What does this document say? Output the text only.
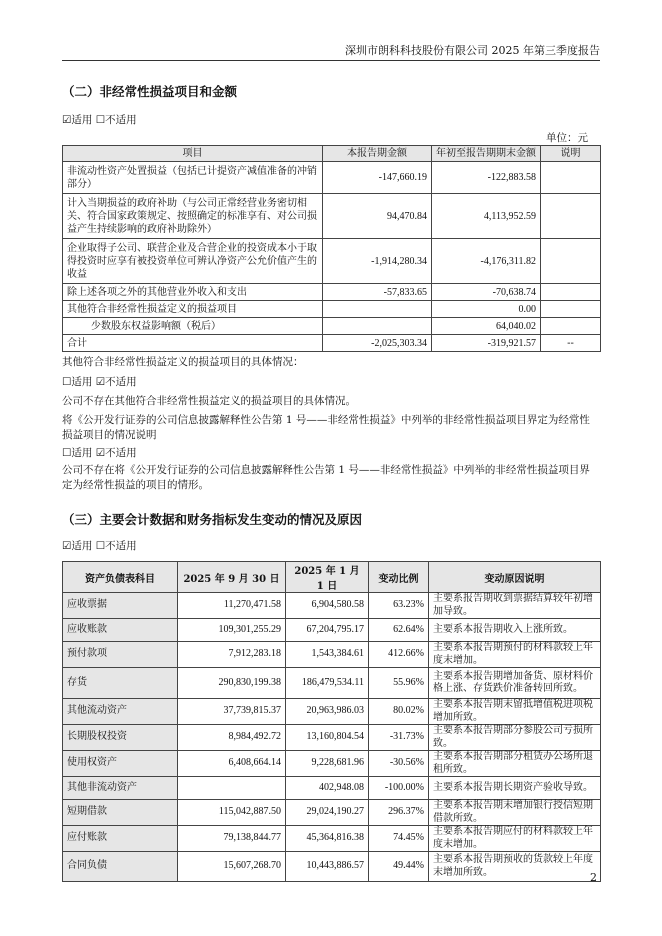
深圳市朗科科技股份有限公司 2025 年第三季度报告
（二）非经常性损益项目和金额
☑适用 ☐不适用
单位：元
项目	本报告期金额	年初至报告期期末金额	说明
非流动性资产处置损益（包括已计提资产减值准备的冲销部分）	-147,660.19	-122,883.58	
计入当期损益的政府补助（与公司正常经营业务密切相关、符合国家政策规定、按照确定的标准享有、对公司损益产生持续影响的政府补助除外）	94,470.84	4,113,952.59	
企业取得子公司、联营企业及合营企业的投资成本小于取得投资时应享有被投资单位可辨认净资产公允价值产生的收益	-1,914,280.34	-4,176,311.82	
除上述各项之外的其他营业外收入和支出	-57,833.65	-70,638.74	
其他符合非经常性损益定义的损益项目		0.00	
少数股东权益影响额（税后）		64,040.02	
合计	-2,025,303.34	-319,921.57	--
其他符合非经常性损益定义的损益项目的具体情况：
☐适用 ☑不适用
公司不存在其他符合非经常性损益定义的损益项目的具体情况。
将《公开发行证券的公司信息披露解释性公告第 1 号——非经常性损益》中列举的非经常性损益项目界定为经常性损益项目的情况说明
☐适用 ☑不适用
公司不存在将《公开发行证券的公司信息披露解释性公告第 1 号——非经常性损益》中列举的非经常性损益项目界定为经常性损益的项目的情形。
（三）主要会计数据和财务指标发生变动的情况及原因
☑适用 ☐不适用
资产负债表科目	2025 年 9 月 30 日	2025 年 1 月 1 日	变动比例	变动原因说明
应收票据	11,270,471.58	6,904,580.58	63.23%	主要系报告期收到票据结算较年初增加导致。
应收账款	109,301,255.29	67,204,795.17	62.64%	主要系本报告期收入上涨所致。
预付款项	7,912,283.18	1,543,384.61	412.66%	主要系本报告期预付的材料款较上年度末增加。
存货	290,830,199.38	186,479,534.11	55.96%	主要系本报告期增加备货、原材料价格上涨、存货跌价准备转回所致。
其他流动资产	37,739,815.37	20,963,986.03	80.02%	主要系本报告期末留抵增值税进项税增加所致。
长期股权投资	8,984,492.72	13,160,804.54	-31.73%	主要系本报告期部分参股公司亏损所致。
使用权资产	6,408,664.14	9,228,681.96	-30.56%	主要系本报告期部分租赁办公场所退租所致。
其他非流动资产		402,948.08	-100.00%	主要系本报告期长期资产验收导致。
短期借款	115,042,887.50	29,024,190.27	296.37%	主要系本报告期末增加银行授信短期借款所致。
应付账款	79,138,844.77	45,364,816.38	74.45%	主要系本报告期应付的材料款较上年度末增加。
合同负债	15,607,268.70	10,443,886.57	49.44%	主要系本报告期预收的货款较上年度末增加所致。	2
